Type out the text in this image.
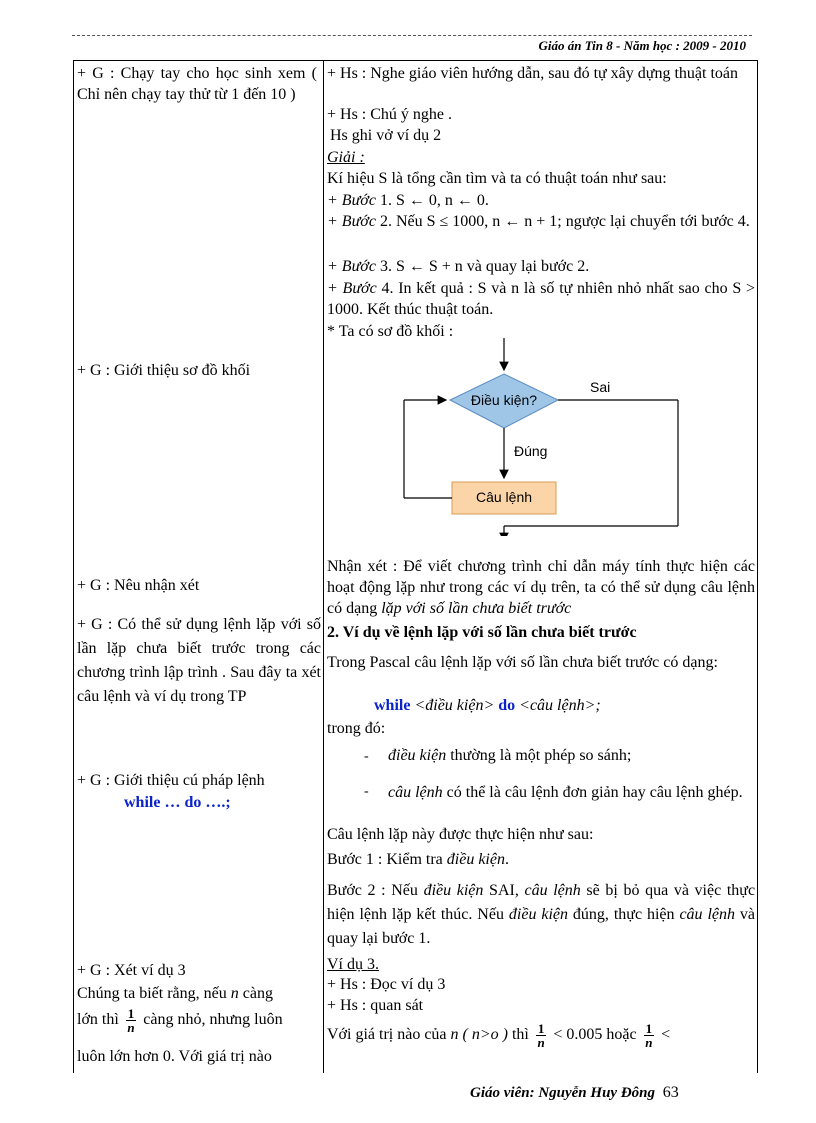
Giáo án Tin 8 - Năm học : 2009 - 2010
+ G : Chạy tay cho học sinh xem ( Chỉ nên chạy tay thử từ 1 đến 10 )
+ G : Giới thiệu sơ đồ khối
+ G : Nêu nhận xét
+ G : Có thể sử dụng lệnh lặp với số lần lặp chưa biết trước trong các chương trình lập trình . Sau đây ta xét câu lệnh và ví dụ trong TP
+ G : Giới thiệu cú pháp lệnh
while … do ….;
+ G : Xét ví dụ 3
Chúng ta biết rằng, nếu n càng
lớn thì $\frac{1}{n}$ càng nhỏ, nhưng luôn
luôn lớn hơn 0. Với giá trị nào
+ Hs : Nghe giáo viên hướng dẫn, sau đó tự xây dựng thuật toán
+ Hs : Chú ý nghe .
Hs ghi vở ví dụ 2
Giải :
Kí hiệu S là tổng cần tìm và ta có thuật toán như sau:
+ Bước 1. S ← 0, n ← 0.
+ Bước 2. Nếu S ≤ 1000, n ← n + 1; ngược lại chuyển tới bước 4.
+ Bước 3. S ← S + n và quay lại bước 2.
+ Bước 4. In kết quả : S và n là số tự nhiên nhỏ nhất sao cho S > 1000. Kết thúc thuật toán.
* Ta có sơ đồ khối :
Điều kiện?
Sai
Đúng
Câu lệnh
Nhận xét : Để viết chương trình chỉ dẫn máy tính thực hiện các hoạt động lặp như trong các ví dụ trên, ta có thể sử dụng câu lệnh có dạng lặp với số lần chưa biết trước
2. Ví dụ về lệnh lặp với số lần chưa biết trước
Trong Pascal câu lệnh lặp với số lần chưa biết trước có dạng:
while <điều kiện> do <câu lệnh>;
trong đó:
- điều kiện thường là một phép so sánh;
- câu lệnh có thể là câu lệnh đơn giản hay câu lệnh ghép.
Câu lệnh lặp này được thực hiện như sau:
Bước 1 : Kiểm tra điều kiện.
Bước 2 : Nếu điều kiện SAI, câu lệnh sẽ bị bỏ qua và việc thực hiện lệnh lặp kết thúc. Nếu điều kiện đúng, thực hiện câu lệnh và quay lại bước 1.
Ví dụ 3.
+ Hs : Đọc ví dụ 3
+ Hs : quan sát
Với giá trị nào của n ( n>o ) thì $\frac{1}{n} < 0.005$ hoặc $\frac{1}{n}$ <
Giáo viên: Nguyễn Huy Đông 63
